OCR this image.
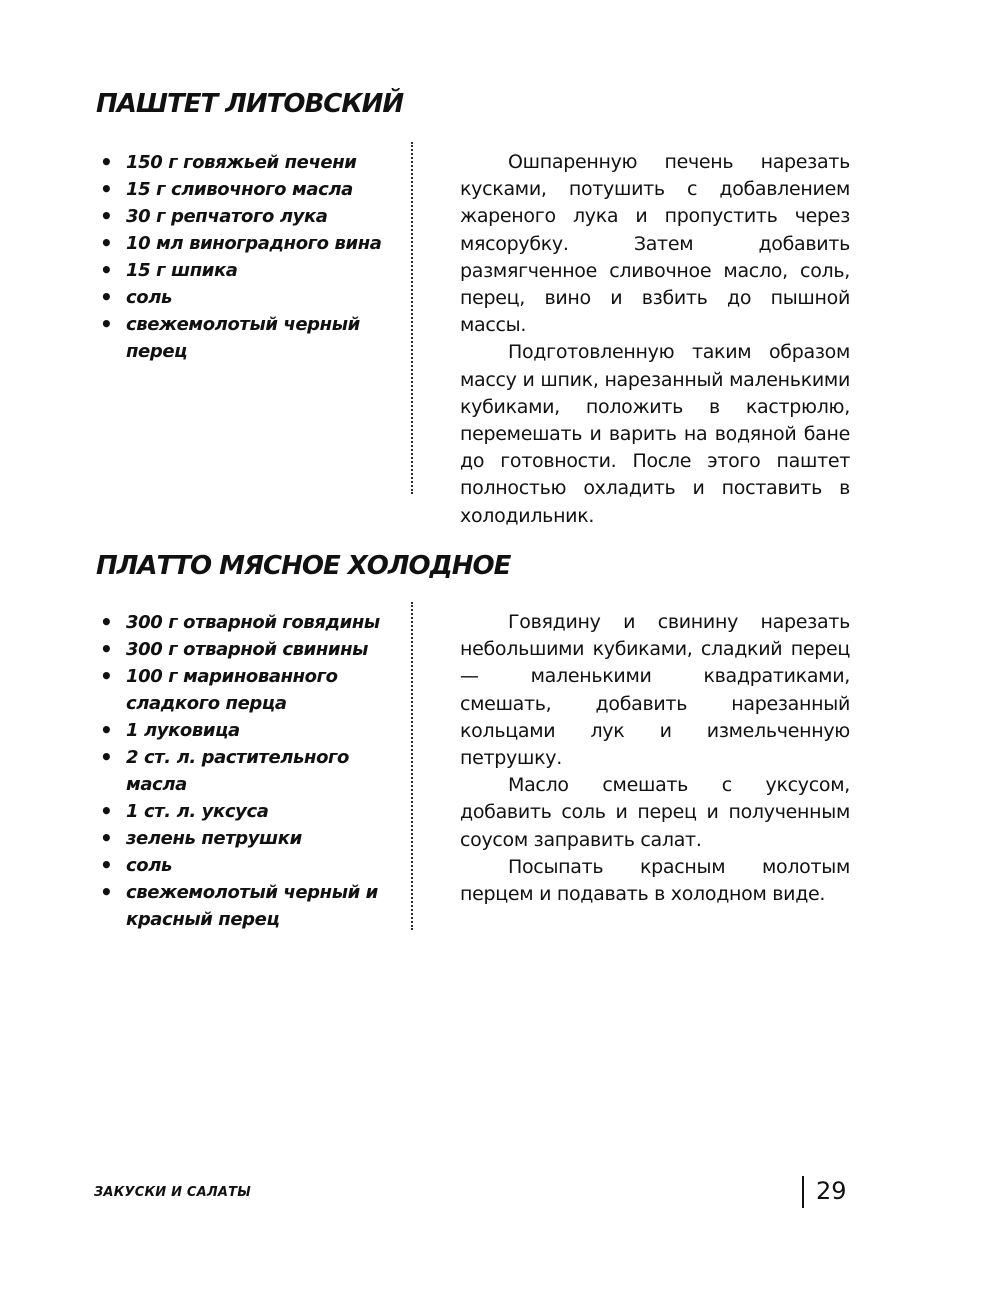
ПАШТЕТ ЛИТОВСКИЙ
• 150 г говяжьей печени
• 15 г сливочного масла
• 30 г репчатого лука
• 10 мл виноградного вина
• 15 г шпика
• соль
• свежемолотый черный перец

Ошпаренную печень нарезать кусками, потушить с добавлением жареного лука и пропустить через мясорубку. Затем добавить размягченное сливочное масло, соль, перец, вино и взбить до пышной массы.

Подготовленную таким образом массу и шпик, нарезанный маленькими кубиками, положить в кастрюлю, перемешать и варить на водяной бане до готовности. После этого паштет полностью охладить и поставить в холодильник.

ПЛАТТО МЯСНОЕ ХОЛОДНОЕ
• 300 г отварной говядины
• 300 г отварной свинины
• 100 г маринованного сладкого перца
• 1 луковица
• 2 ст. л. растительного масла
• 1 ст. л. уксуса
• зелень петрушки
• соль
• свежемолотый черный и красный перец

Говядину и свинину нарезать небольшими кубиками, сладкий перец — маленькими квадратиками, смешать, добавить нарезанный кольцами лук и измельченную петрушку.

Масло смешать с уксусом, добавить соль и перец и полученным соусом заправить салат.

Посыпать красным молотым перцем и подавать в холодном виде.

ЗАКУСКИ И САЛАТЫ	29
